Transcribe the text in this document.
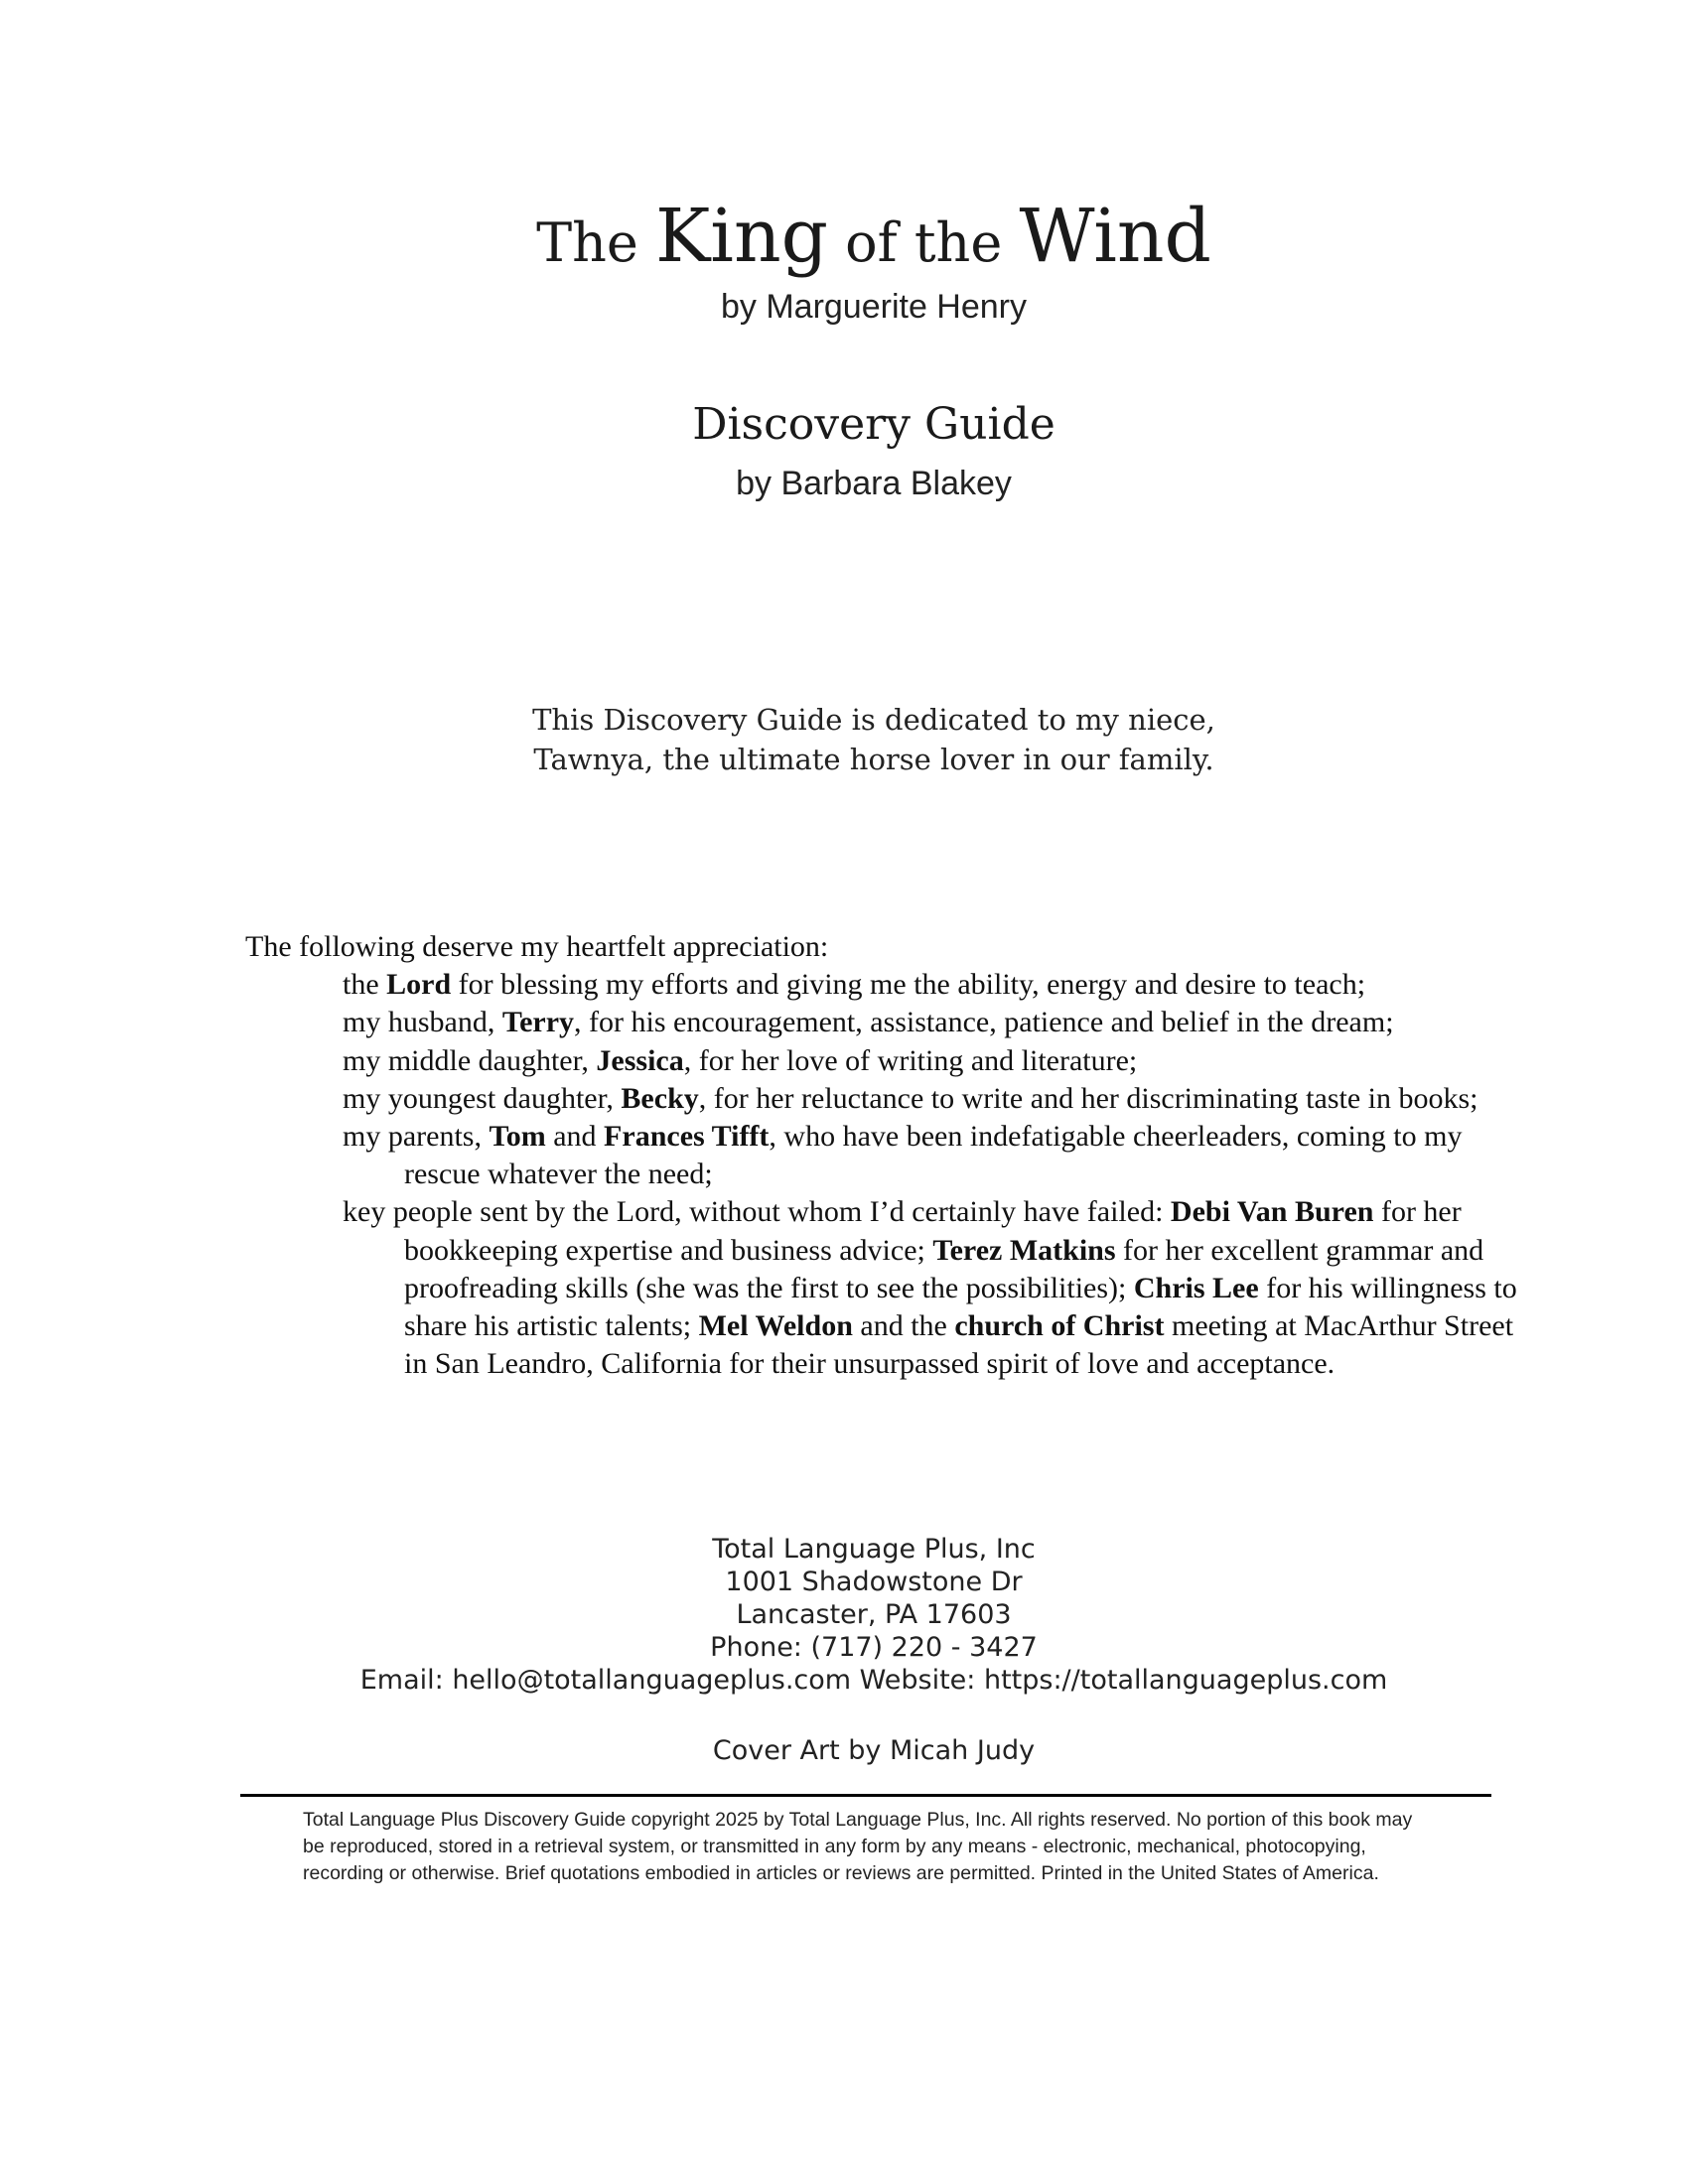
The King of the Wind
by Marguerite Henry
Discovery Guide
by Barbara Blakey
This Discovery Guide is dedicated to my niece,
Tawnya, the ultimate horse lover in our family.
The following deserve my heartfelt appreciation:
the Lord for blessing my efforts and giving me the ability, energy and desire to teach;
my husband, Terry, for his encouragement, assistance, patience and belief in the dream;
my middle daughter, Jessica, for her love of writing and literature;
my youngest daughter, Becky, for her reluctance to write and her discriminating taste in books;
my parents, Tom and Frances Tifft, who have been indefatigable cheerleaders, coming to my rescue whatever the need;
key people sent by the Lord, without whom I’d certainly have failed: Debi Van Buren for her bookkeeping expertise and business advice; Terez Matkins for her excellent grammar and proofreading skills (she was the first to see the possibilities); Chris Lee for his willingness to share his artistic talents; Mel Weldon and the church of Christ meeting at MacArthur Street in San Leandro, California for their unsurpassed spirit of love and acceptance.
Total Language Plus, Inc
1001 Shadowstone Dr
Lancaster, PA 17603
Phone: (717) 220 - 3427
Email: hello@totallanguageplus.com Website: https://totallanguageplus.com
Cover Art by Micah Judy
Total Language Plus Discovery Guide copyright 2025 by Total Language Plus, Inc. All rights reserved. No portion of this book may be reproduced, stored in a retrieval system, or transmitted in any form by any means - electronic, mechanical, photocopying, recording or otherwise. Brief quotations embodied in articles or reviews are permitted. Printed in the United States of America.
